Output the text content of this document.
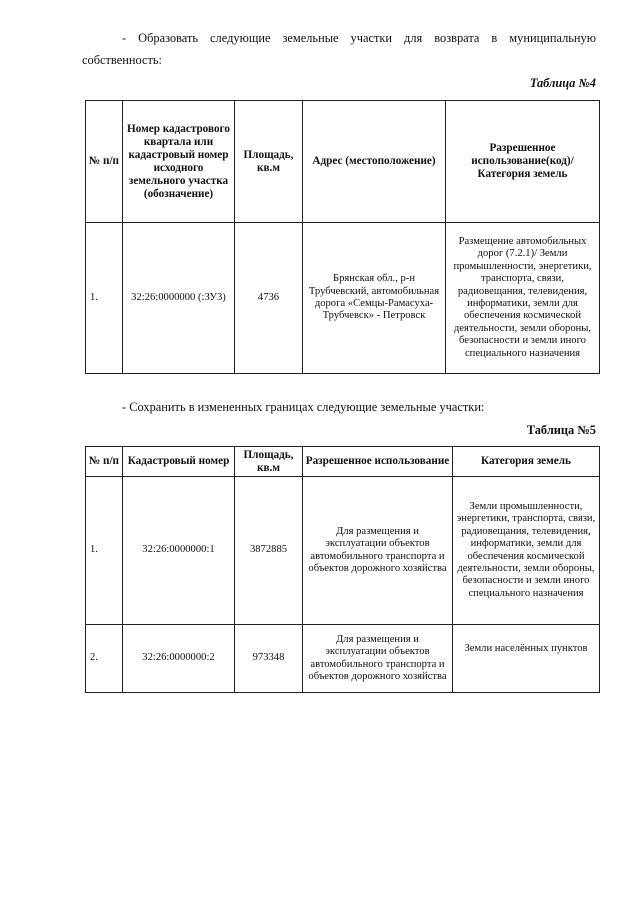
- Образовать следующие земельные участки для возврата в муниципальную собственность:
Таблица №4
№ п/п	Номер кадастрового квартала или кадастровый номер исходного земельного участка (обозначение)	Площадь, кв.м	Адрес (местоположение)	Разрешенное использование(код)/ Категория земель
1.	32:26:0000000 (:ЗУ3)	4736	Брянская обл., р-н Трубчевский, автомобильная дорога «Семцы-Рамасуха-Трубчевск» - Петровск	Размещение автомобильных дорог (7.2.1)/ Земли промышленности, энергетики, транспорта, связи, радиовещания, телевидения, информатики, земли для обеспечения космической деятельности, земли обороны, безопасности и земли иного специального назначения
- Сохранить в измененных границах следующие земельные участки:
Таблица №5
№ п/п	Кадастровый номер	Площадь, кв.м	Разрешенное использование	Категория земель
1.	32:26:0000000:1	3872885	Для размещения и эксплуатации объектов автомобильного транспорта и объектов дорожного хозяйства	Земли промышленности, энергетики, транспорта, связи, радиовещания, телевидения, информатики, земли для обеспечения космической деятельности, земли обороны, безопасности и земли иного специального назначения
2.	32:26:0000000:2	973348	Для размещения и эксплуатации объектов автомобильного транспорта и объектов дорожного хозяйства	Земли населённых пунктов
